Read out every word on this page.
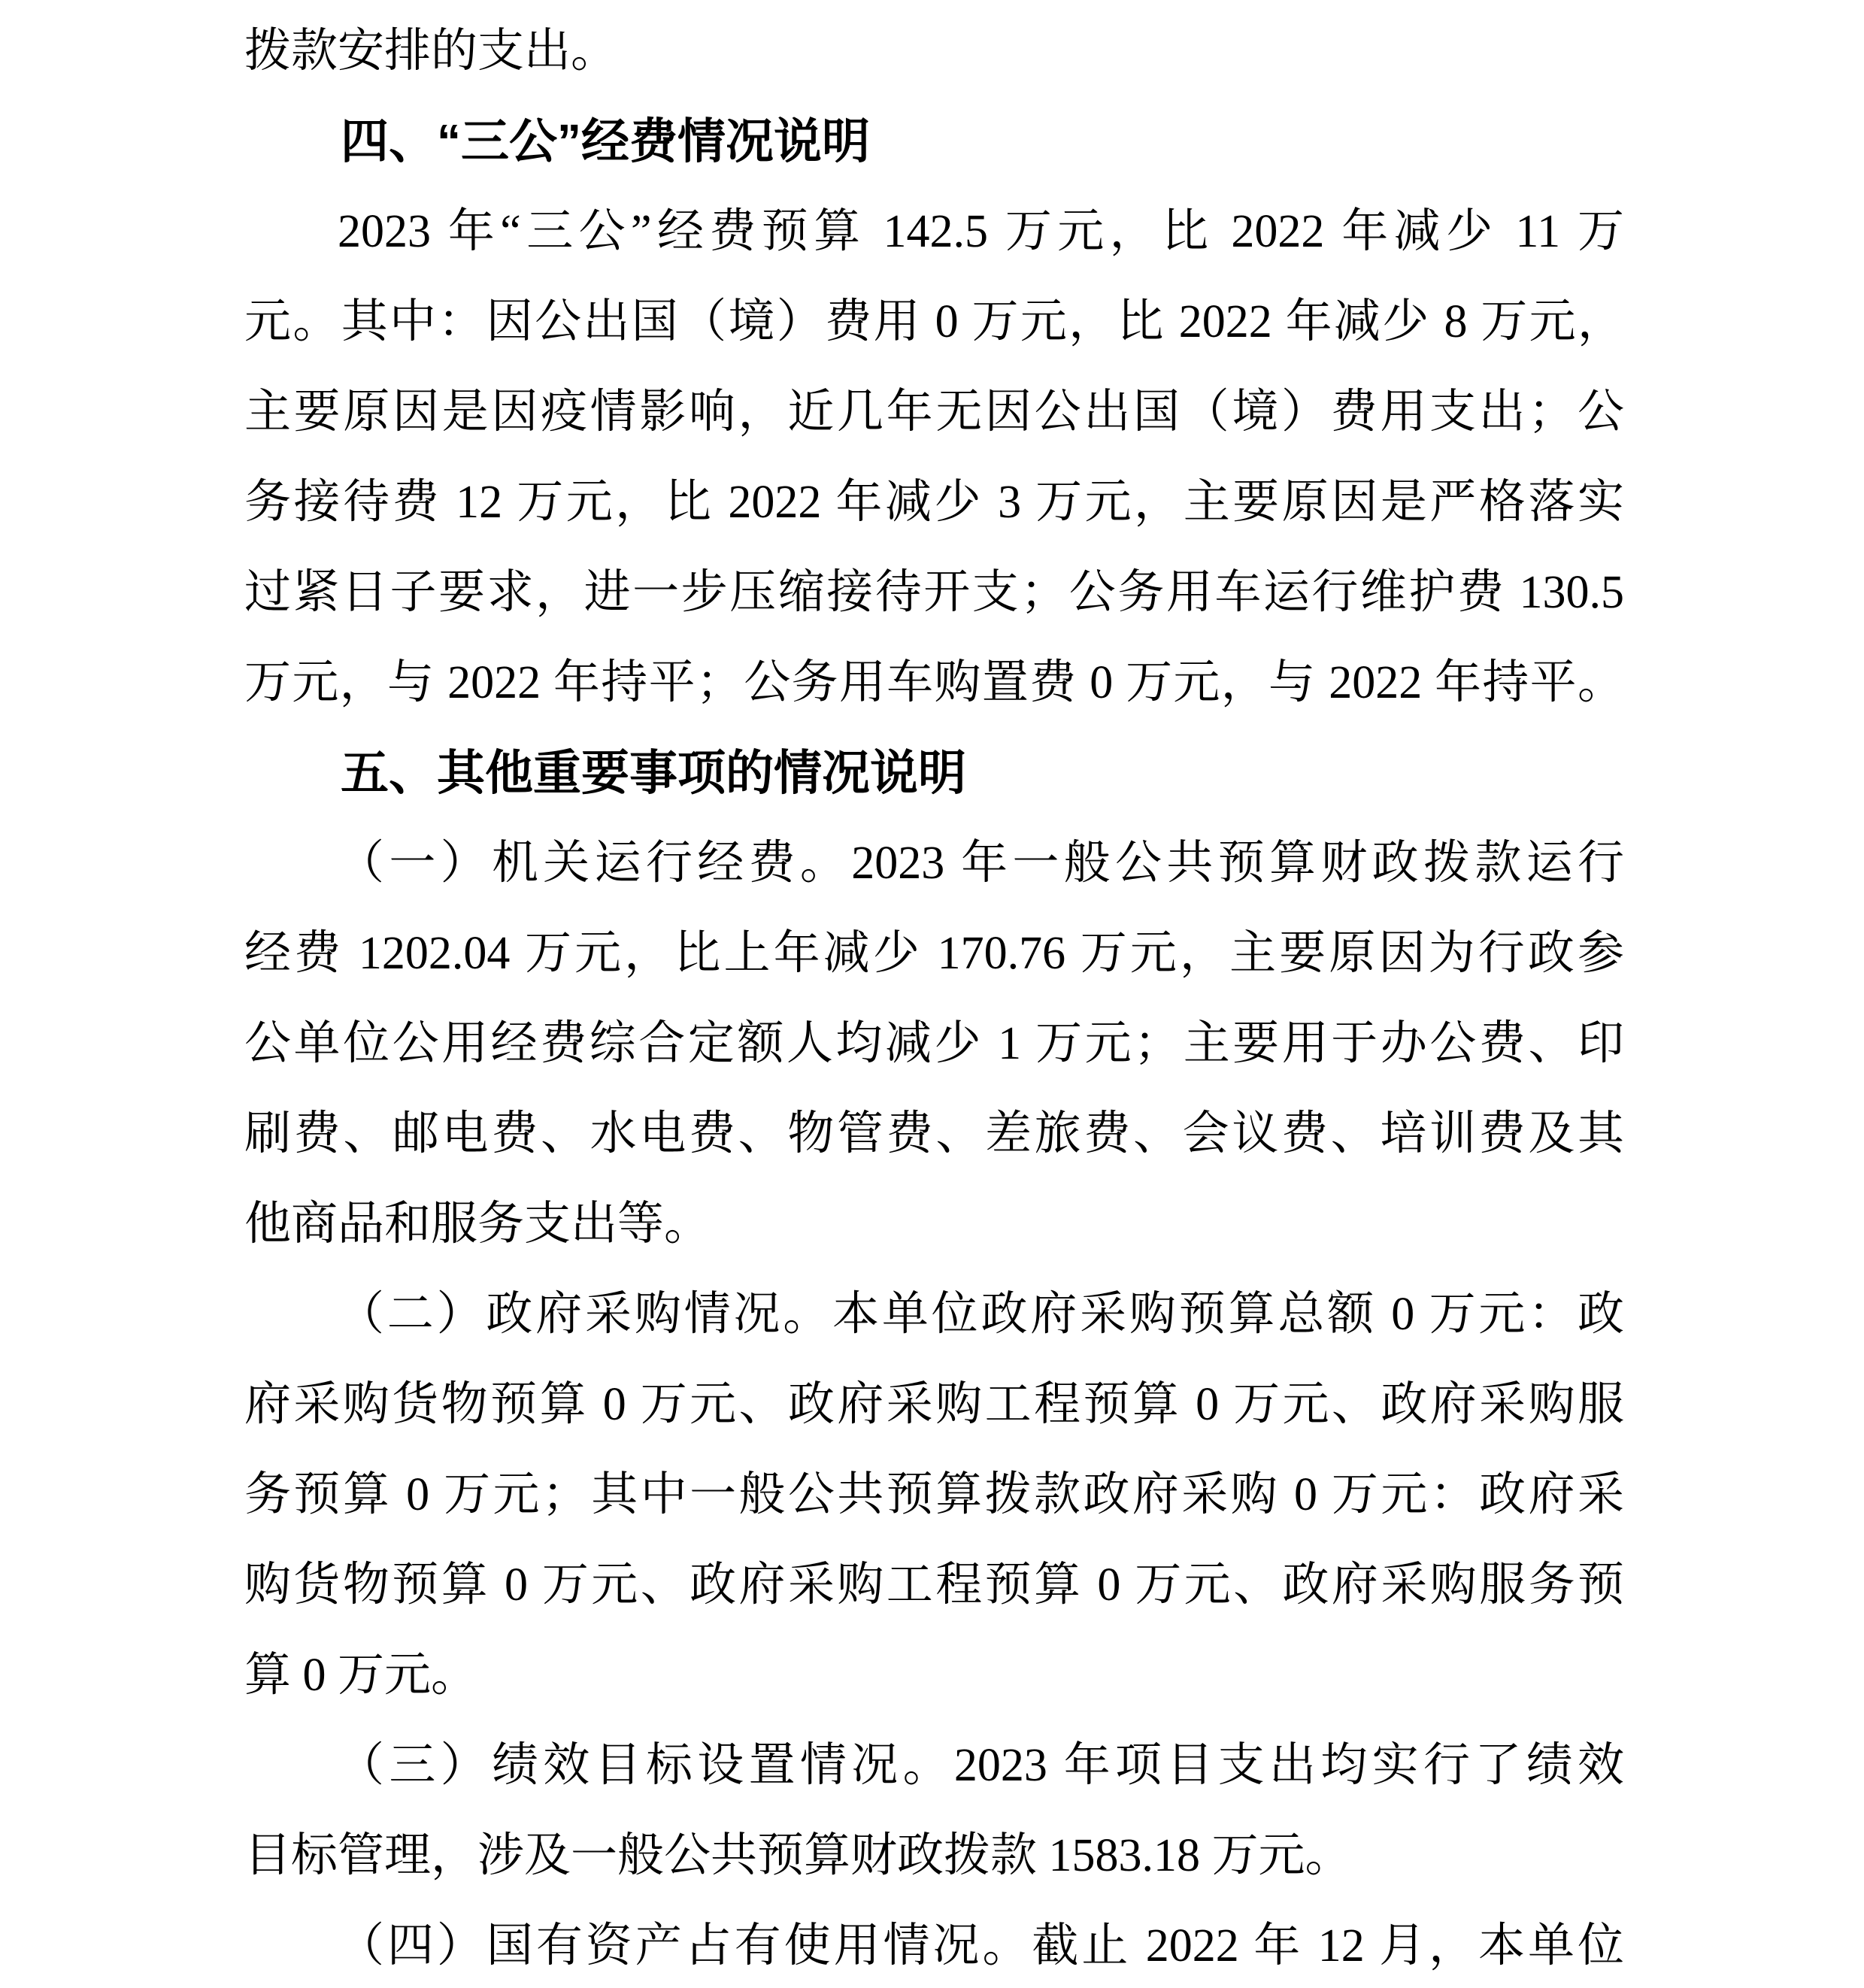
拨款安排的支出。
四、“三公”经费情况说明
2023 年“三公”经费预算 142.5 万元，比 2022 年减少 11 万
元。其中：因公出国（境）费用 0 万元，比 2022 年减少 8 万元，
主要原因是因疫情影响，近几年无因公出国（境）费用支出；公
务接待费 12 万元，比 2022 年减少 3 万元，主要原因是严格落实
过紧日子要求，进一步压缩接待开支；公务用车运行维护费 130.5
万元，与 2022 年持平；公务用车购置费 0 万元，与 2022 年持平。
五、其他重要事项的情况说明
（一）机关运行经费。2023 年一般公共预算财政拨款运行
经费 1202.04 万元，比上年减少 170.76 万元，主要原因为行政参
公单位公用经费综合定额人均减少 1 万元；主要用于办公费、印
刷费、邮电费、水电费、物管费、差旅费、会议费、培训费及其
他商品和服务支出等。
（二）政府采购情况。本单位政府采购预算总额 0 万元：政
府采购货物预算 0 万元、政府采购工程预算 0 万元、政府采购服
务预算 0 万元；其中一般公共预算拨款政府采购 0 万元：政府采
购货物预算 0 万元、政府采购工程预算 0 万元、政府采购服务预
算 0 万元。
（三）绩效目标设置情况。2023 年项目支出均实行了绩效
目标管理，涉及一般公共预算财政拨款 1583.18 万元。
（四）国有资产占有使用情况。截止 2022 年 12 月，本单位
